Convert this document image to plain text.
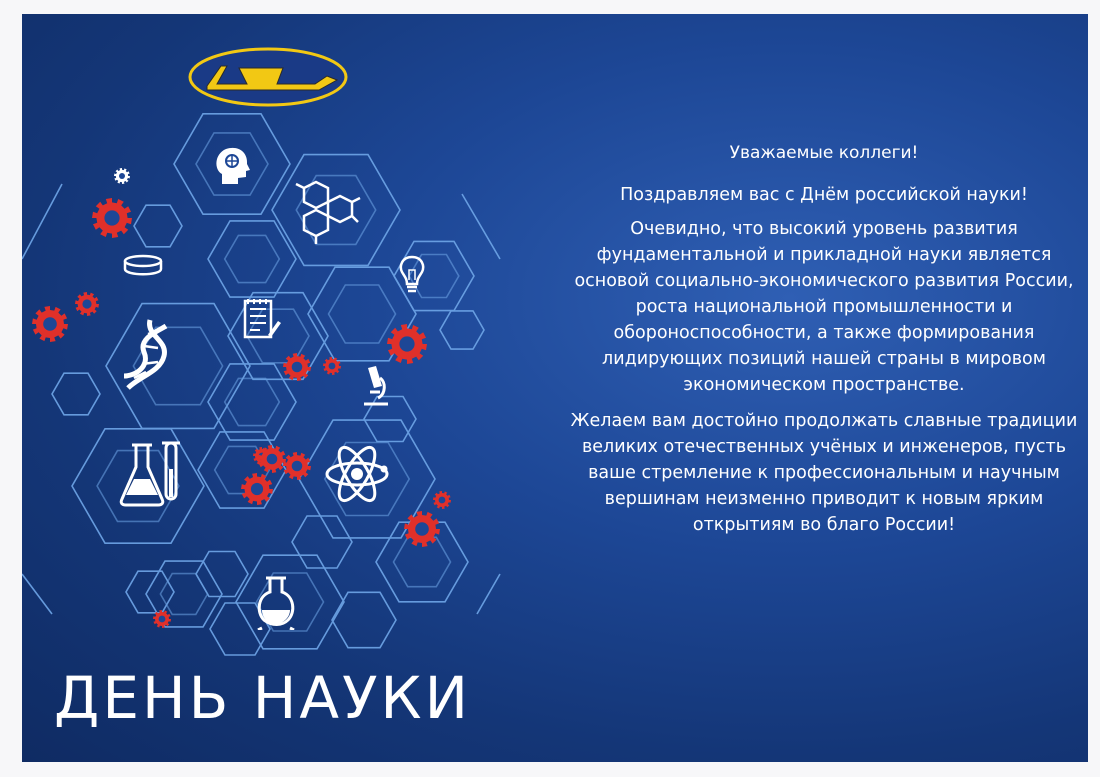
ДЕНЬ НАУКИ

Уважаемые коллеги!

Поздравляем вас с Днём российской науки!

Очевидно, что высокий уровень развития фундаментальной и прикладной науки является основой социально-экономического развития России, роста национальной промышленности и обороноспособности, а также формирования лидирующих позиций нашей страны в мировом экономическом пространстве.

Желаем вам достойно продолжать славные традиции великих отечественных учёных и инженеров, пусть ваше стремление к профессиональным и научным вершинам неизменно приводит к новым ярким открытиям во благо России!
